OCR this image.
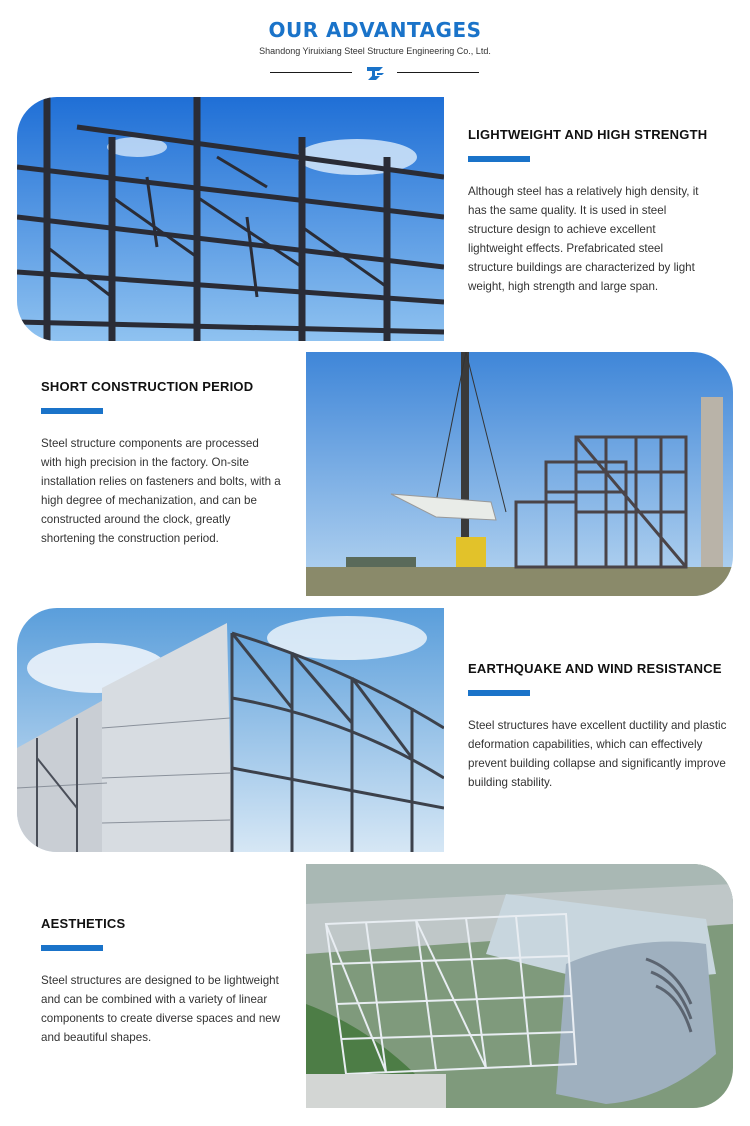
OUR ADVANTAGES
Shandong Yiruixiang Steel Structure Engineering Co., Ltd.
LIGHTWEIGHT AND HIGH STRENGTH

Although steel has a relatively high density, it has the same quality. It is used in steel structure design to achieve excellent lightweight effects. Prefabricated steel structure buildings are characterized by light weight, high strength and large span.

SHORT CONSTRUCTION PERIOD

Steel structure components are processed with high precision in the factory. On-site installation relies on fasteners and bolts, with a high degree of mechanization, and can be constructed around the clock, greatly shortening the construction period.

EARTHQUAKE AND WIND RESISTANCE

Steel structures have excellent ductility and plastic deformation capabilities, which can effectively prevent building collapse and significantly improve building stability.

AESTHETICS

Steel structures are designed to be lightweight and can be combined with a variety of linear components to create diverse spaces and new and beautiful shapes.
